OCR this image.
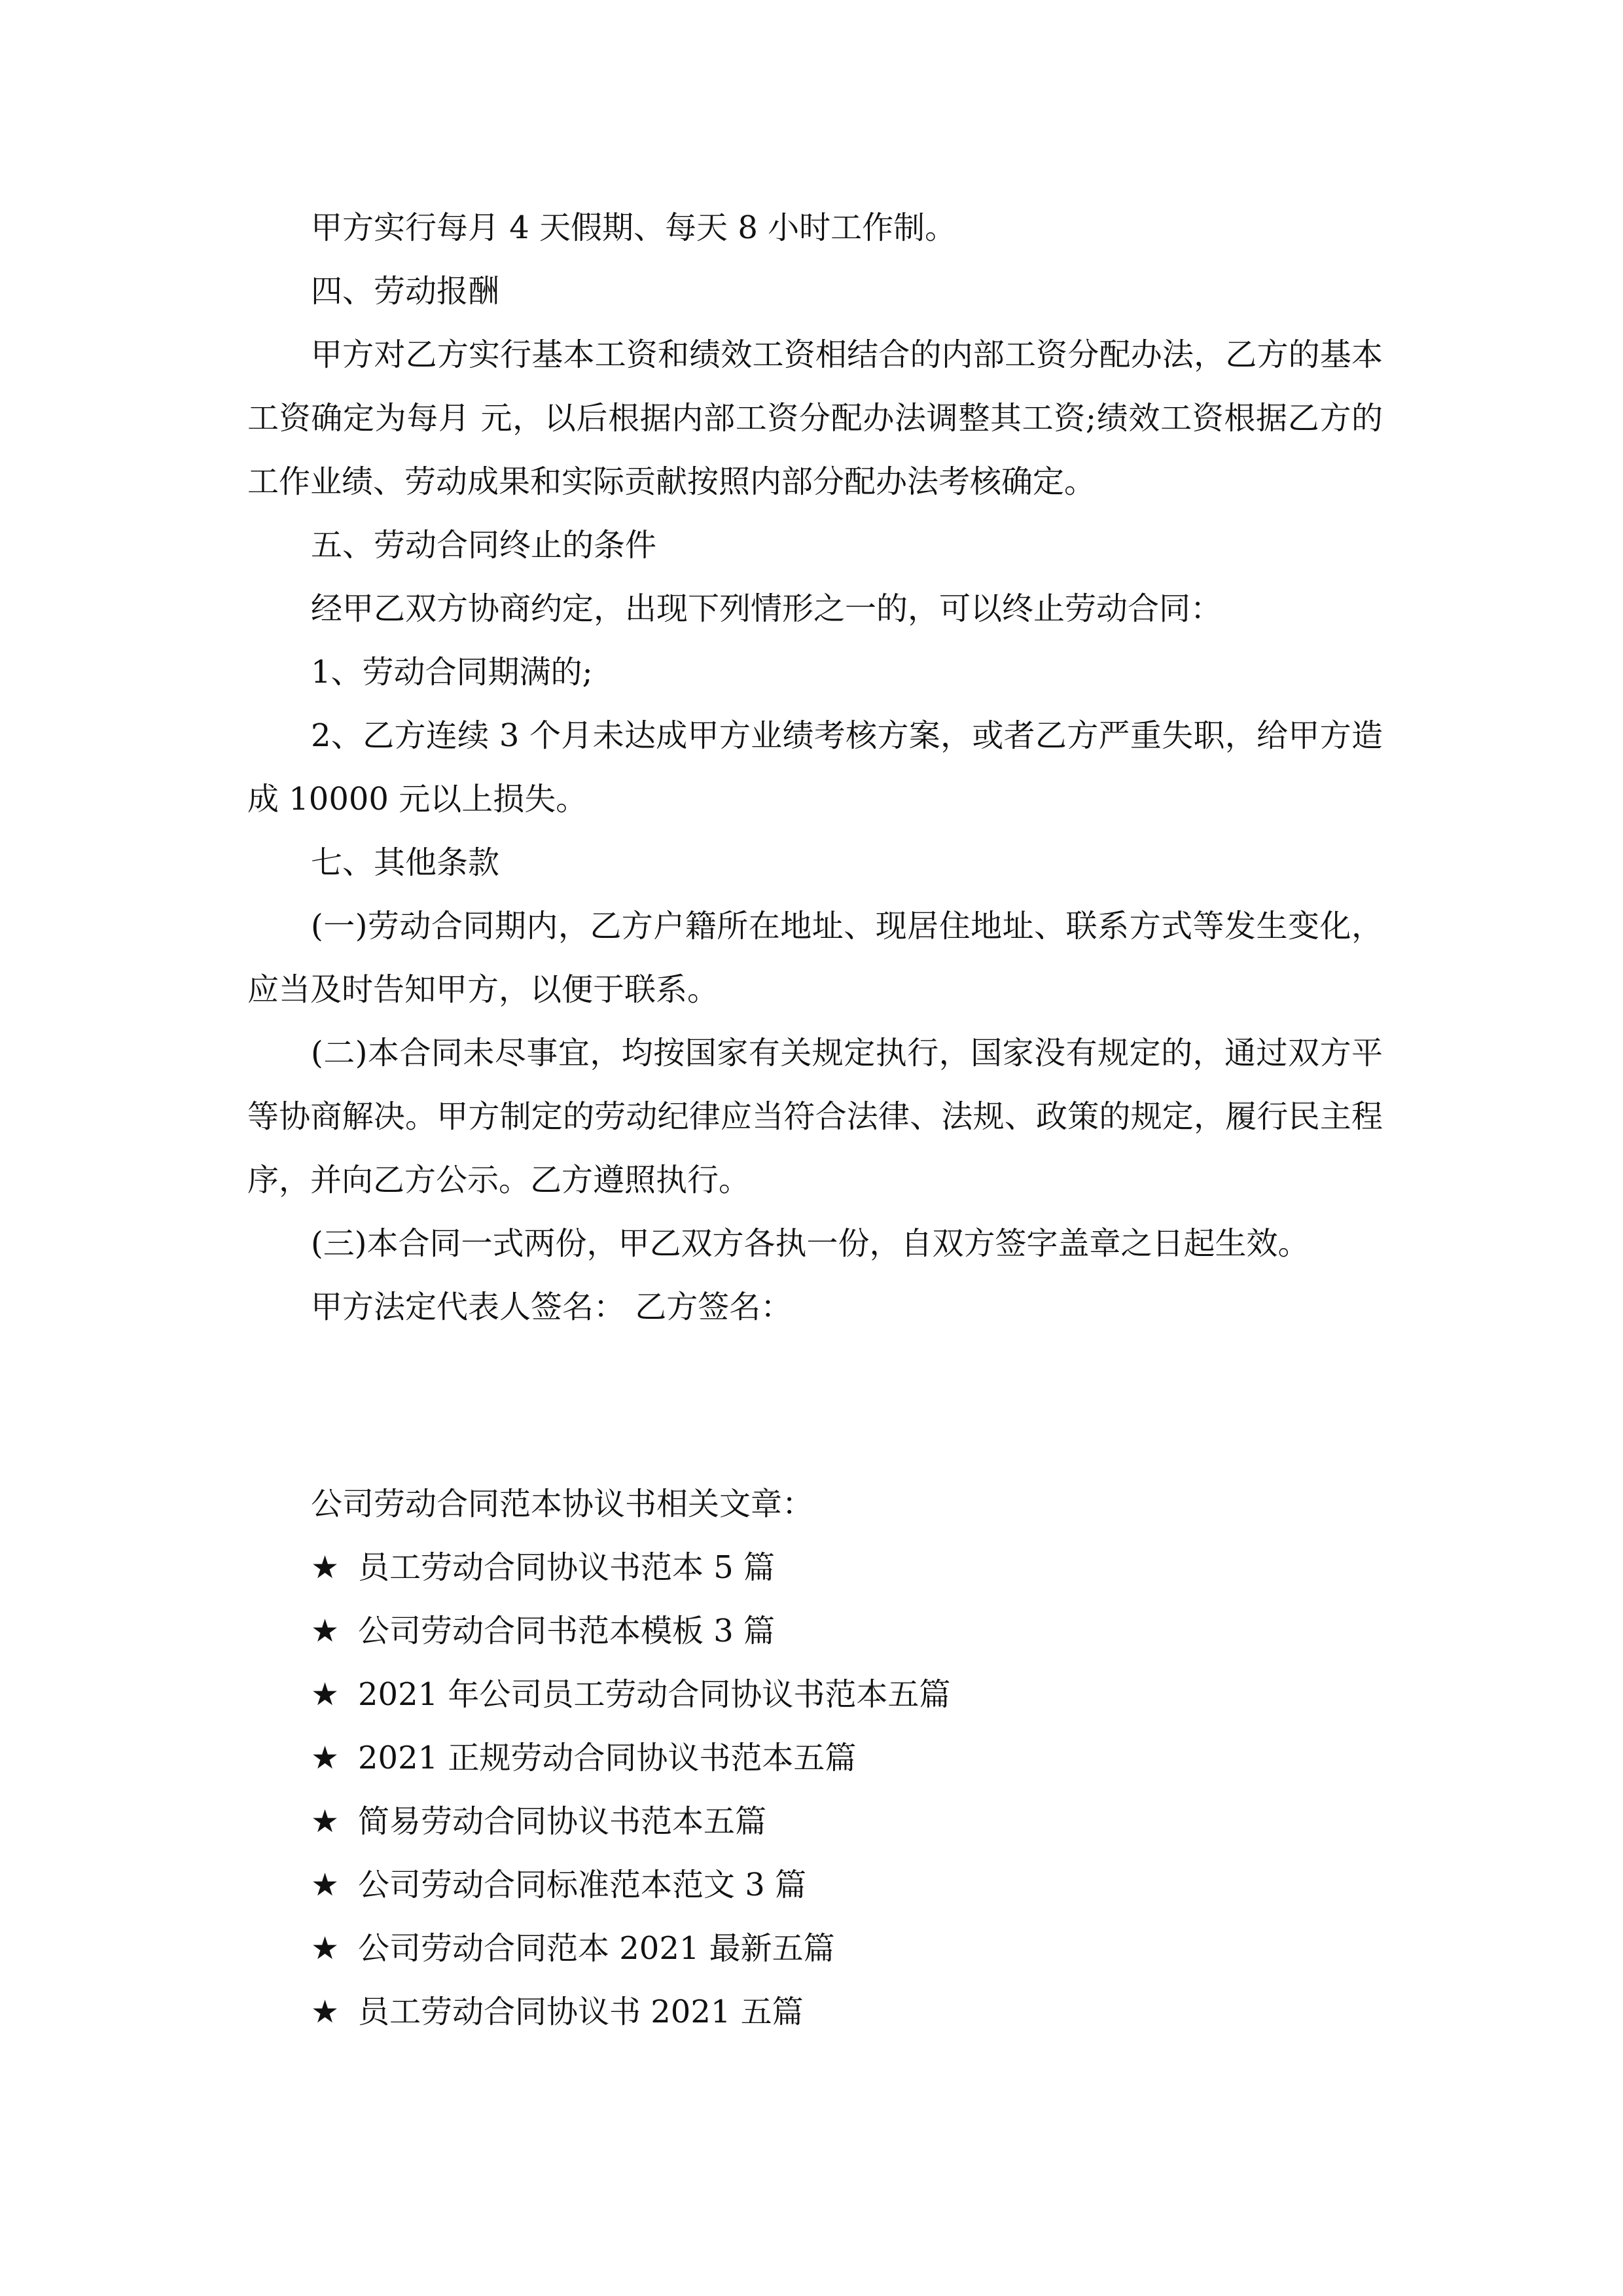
甲方实行每月 4 天假期、每天 8 小时工作制。

四、劳动报酬

甲方对乙方实行基本工资和绩效工资相结合的内部工资分配办法，乙方的基本工资确定为每月 元，以后根据内部工资分配办法调整其工资;绩效工资根据乙方的工作业绩、劳动成果和实际贡献按照内部分配办法考核确定。

五、劳动合同终止的条件

经甲乙双方协商约定，出现下列情形之一的，可以终止劳动合同：

1、劳动合同期满的;

2、乙方连续 3 个月未达成甲方业绩考核方案，或者乙方严重失职，给甲方造成 10000 元以上损失。

七、其他条款

(一)劳动合同期内，乙方户籍所在地址、现居住地址、联系方式等发生变化，应当及时告知甲方，以便于联系。

(二)本合同未尽事宜，均按国家有关规定执行，国家没有规定的，通过双方平等协商解决。甲方制定的劳动纪律应当符合法律、法规、政策的规定，履行民主程序，并向乙方公示。乙方遵照执行。

(三)本合同一式两份，甲乙双方各执一份，自双方签字盖章之日起生效。

甲方法定代表人签名： 乙方签名：

公司劳动合同范本协议书相关文章：

★ 员工劳动合同协议书范本 5 篇
★ 公司劳动合同书范本模板 3 篇
★ 2021 年公司员工劳动合同协议书范本五篇
★ 2021 正规劳动合同协议书范本五篇
★ 简易劳动合同协议书范本五篇
★ 公司劳动合同标准范本范文 3 篇
★ 公司劳动合同范本 2021 最新五篇
★ 员工劳动合同协议书 2021 五篇
